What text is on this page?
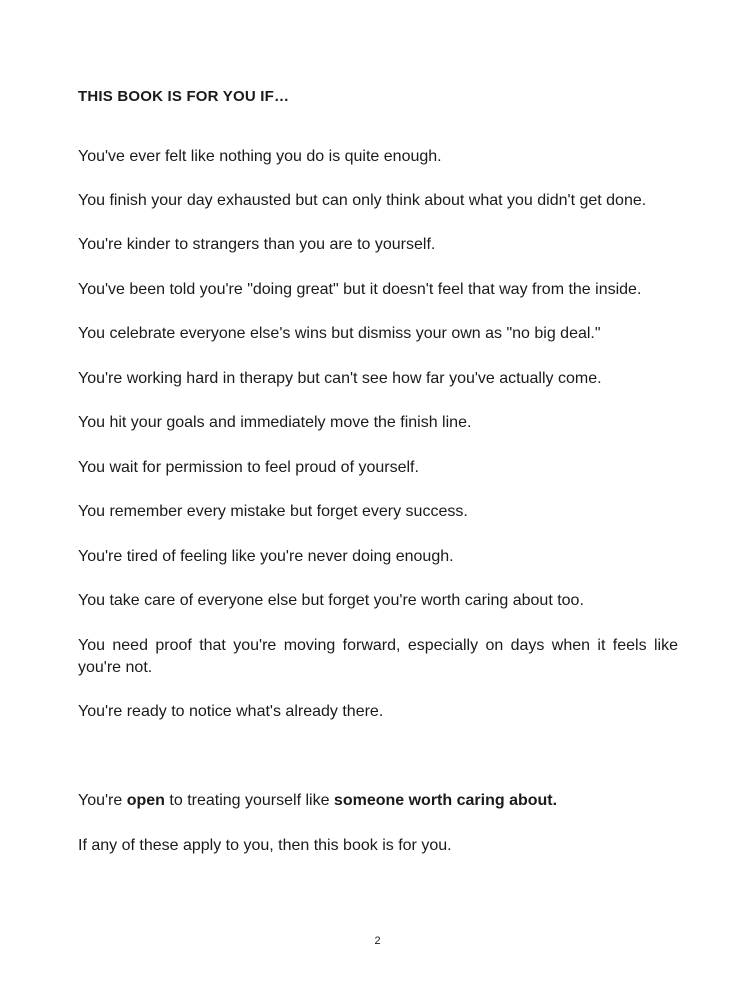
THIS BOOK IS FOR YOU IF…

You've ever felt like nothing you do is quite enough.

You finish your day exhausted but can only think about what you didn't get done.

You're kinder to strangers than you are to yourself.

You've been told you're "doing great" but it doesn't feel that way from the inside.

You celebrate everyone else's wins but dismiss your own as "no big deal."

You're working hard in therapy but can't see how far you've actually come.

You hit your goals and immediately move the finish line.

You wait for permission to feel proud of yourself.

You remember every mistake but forget every success.

You're tired of feeling like you're never doing enough.

You take care of everyone else but forget you're worth caring about too.

You need proof that you're moving forward, especially on days when it feels like you're not.

You're ready to notice what's already there.

You're open to treating yourself like someone worth caring about.

If any of these apply to you, then this book is for you.

2
